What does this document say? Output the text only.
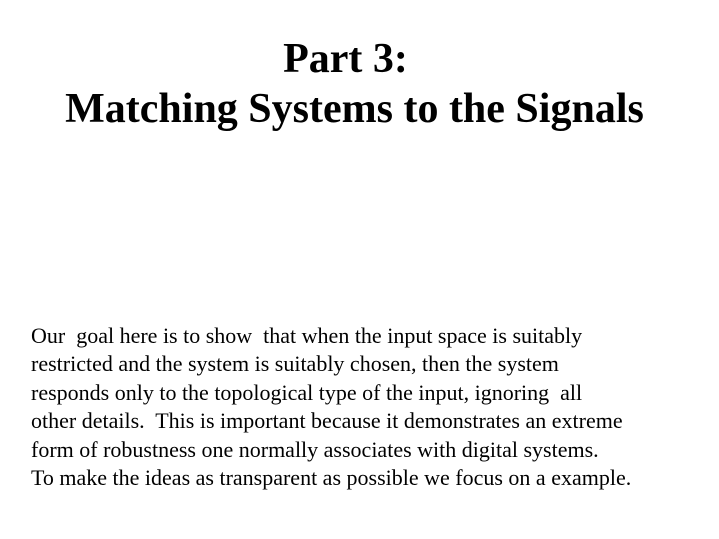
Part 3:
Matching Systems to the Signals
Our  goal here is to show  that when the input space is suitably
restricted and the system is suitably chosen, then the system
responds only to the topological type of the input, ignoring  all
other details.  This is important because it demonstrates an extreme
form of robustness one normally associates with digital systems.
To make the ideas as transparent as possible we focus on a example.
